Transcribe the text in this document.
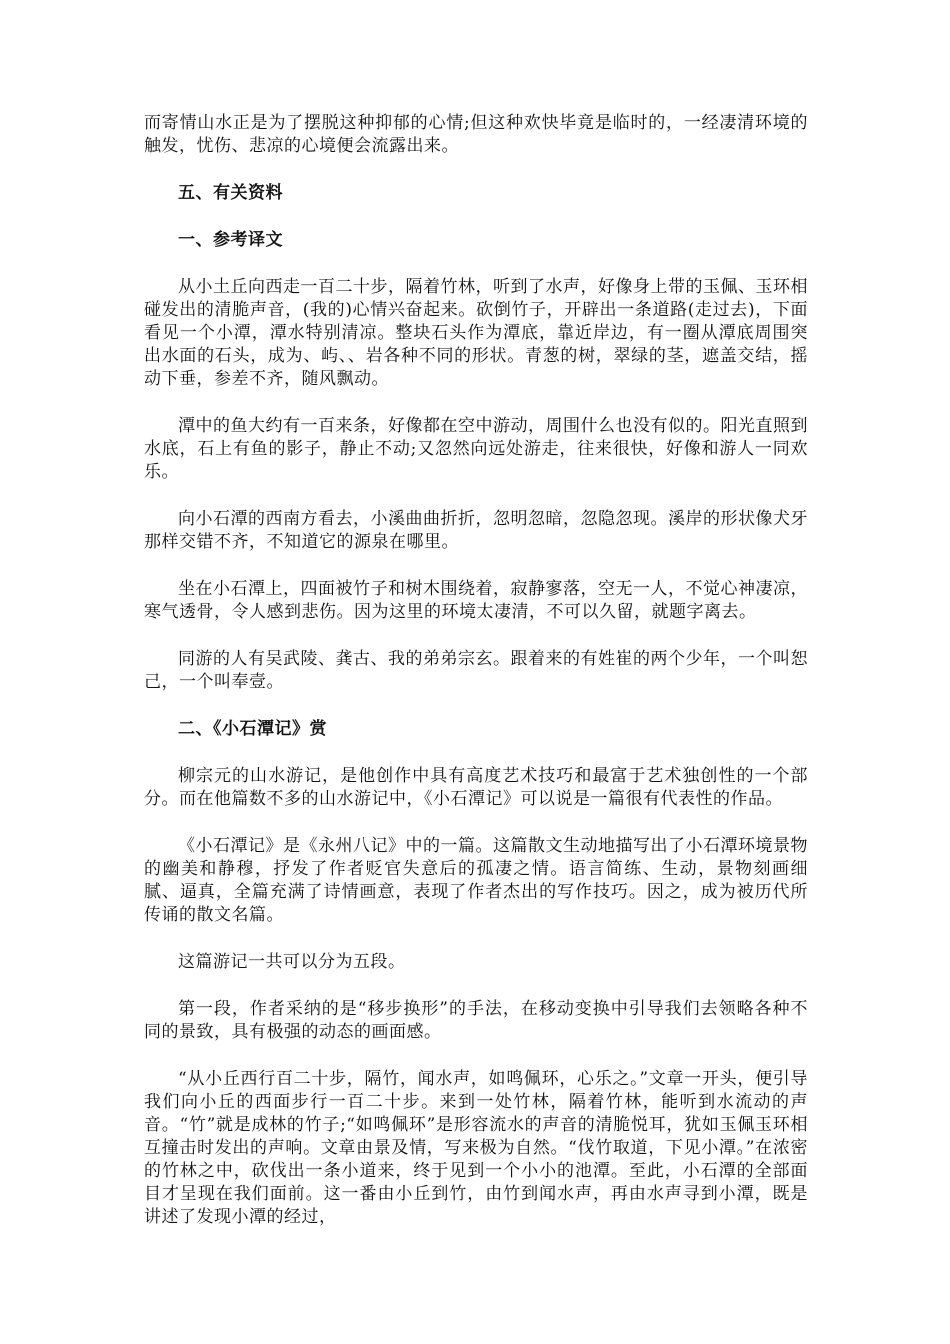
而寄情山水正是为了摆脱这种抑郁的心情;但这种欢快毕竟是临时的，一经凄清环境的触发，忧伤、悲凉的心境便会流露出来。

五、有关资料
一、参考译文

从小土丘向西走一百二十步，隔着竹林，听到了水声，好像身上带的玉佩、玉环相碰发出的清脆声音，(我的)心情兴奋起来。砍倒竹子，开辟出一条道路(走过去)，下面看见一个小潭，潭水特别清凉。整块石头作为潭底，靠近岸边，有一圈从潭底周围突出水面的石头，成为、屿、、岩各种不同的形状。青葱的树，翠绿的茎，遮盖交结，摇动下垂，参差不齐，随风飘动。

潭中的鱼大约有一百来条，好像都在空中游动，周围什么也没有似的。阳光直照到水底，石上有鱼的影子，静止不动;又忽然向远处游走，往来很快，好像和游人一同欢乐。

向小石潭的西南方看去，小溪曲曲折折，忽明忽暗，忽隐忽现。溪岸的形状像犬牙那样交错不齐，不知道它的源泉在哪里。

坐在小石潭上，四面被竹子和树木围绕着，寂静寥落，空无一人，不觉心神凄凉，寒气透骨，令人感到悲伤。因为这里的环境太凄清，不可以久留，就题字离去。

同游的人有吴武陵、龚古、我的弟弟宗玄。跟着来的有姓崔的两个少年，一个叫恕己，一个叫奉壹。

二、《小石潭记》赏

柳宗元的山水游记，是他创作中具有高度艺术技巧和最富于艺术独创性的一个部分。而在他篇数不多的山水游记中，《小石潭记》可以说是一篇很有代表性的作品。

《小石潭记》是《永州八记》中的一篇。这篇散文生动地描写出了小石潭环境景物的幽美和静穆，抒发了作者贬官失意后的孤凄之情。语言简练、生动，景物刻画细腻、逼真，全篇充满了诗情画意，表现了作者杰出的写作技巧。因之，成为被历代所传诵的散文名篇。

这篇游记一共可以分为五段。

第一段，作者采纳的是“移步换形”的手法，在移动变换中引导我们去领略各种不同的景致，具有极强的动态的画面感。

“从小丘西行百二十步，隔竹，闻水声，如鸣佩环，心乐之。”文章一开头，便引导我们向小丘的西面步行一百二十步。来到一处竹林，隔着竹林，能听到水流动的声音。“竹”就是成林的竹子;“如鸣佩环”是形容流水的声音的清脆悦耳，犹如玉佩玉环相互撞击时发出的声响。文章由景及情，写来极为自然。“伐竹取道，下见小潭。”在浓密的竹林之中，砍伐出一条小道来，终于见到一个小小的池潭。至此，小石潭的全部面目才呈现在我们面前。这一番由小丘到竹，由竹到闻水声，再由水声寻到小潭，既是讲述了发现小潭的经过，
